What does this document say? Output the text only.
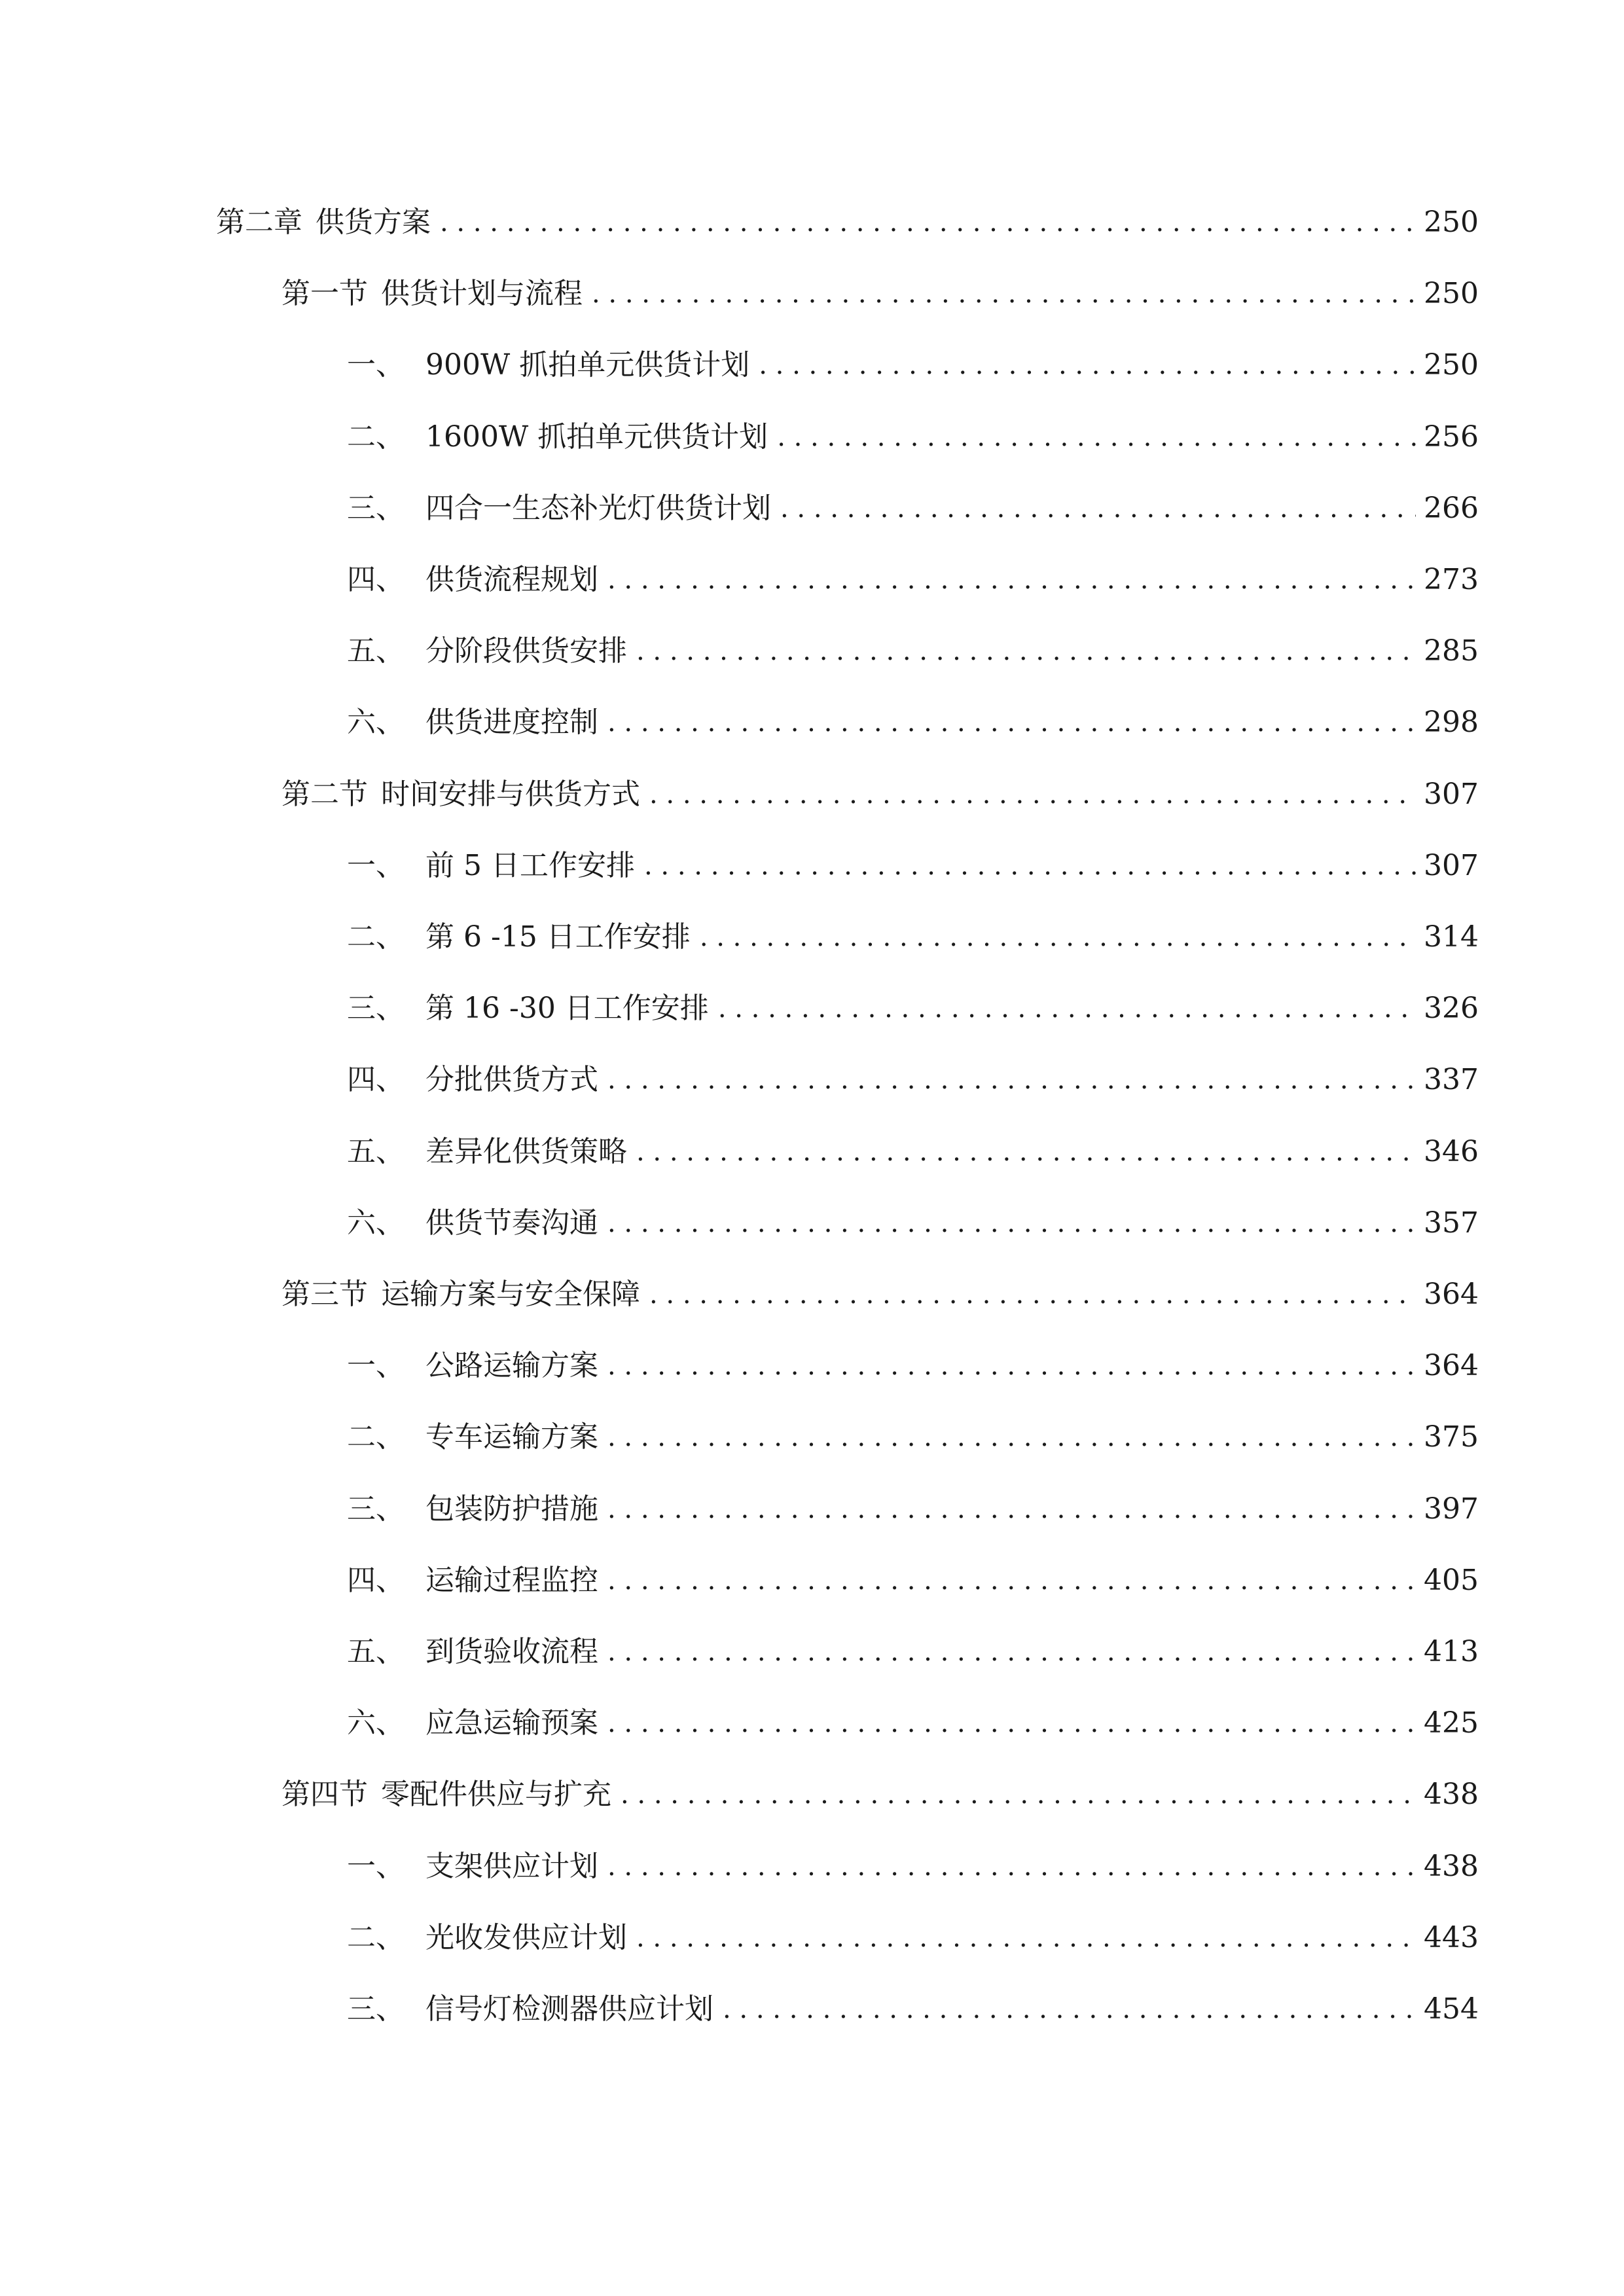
第二章 供货方案 . . .	250
第一节 供货计划与流程 . . .	250
一、 900W 抓拍单元供货计划 . . .	250
二、 1600W 抓拍单元供货计划 . . .	256
三、 四合一生态补光灯供货计划 . . .	266
四、 供货流程规划 . . .	273
五、 分阶段供货安排 . . .	285
六、 供货进度控制 . . .	298
第二节 时间安排与供货方式 . . .	307
一、 前 5 日工作安排 . . .	307
二、 第 6 -15 日工作安排 . . .	314
三、 第 16 -30 日工作安排 . . .	326
四、 分批供货方式 . . .	337
五、 差异化供货策略 . . .	346
六、 供货节奏沟通 . . .	357
第三节 运输方案与安全保障 . . .	364
一、 公路运输方案 . . .	364
二、 专车运输方案 . . .	375
三、 包装防护措施 . . .	397
四、 运输过程监控 . . .	405
五、 到货验收流程 . . .	413
六、 应急运输预案 . . .	425
第四节 零配件供应与扩充 . . .	438
一、 支架供应计划 . . .	438
二、 光收发供应计划 . . .	443
三、 信号灯检测器供应计划 . . .	454
